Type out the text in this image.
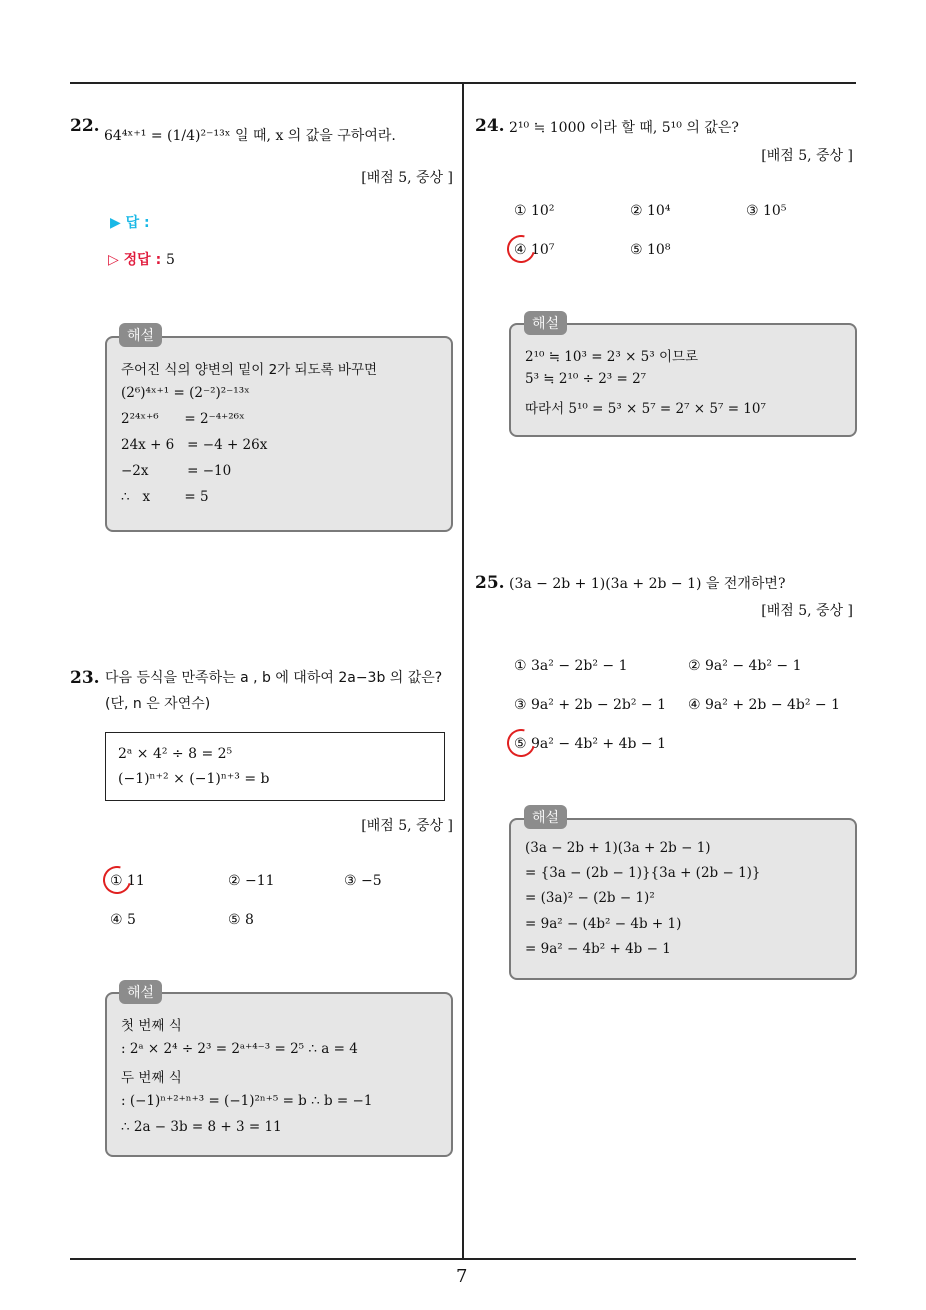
22. 64⁴ˣ⁺¹ = (1/4)²⁻¹³ˣ 일 때, x 의 값을 구하여라.
[배점 5, 중상 ]
▶ 답 :
▷ 정답 : 5
주어진 식의 양변의 밑이 2가 되도록 바꾸면
(2⁶)⁴ˣ⁺¹ = (2⁻²)²⁻¹³ˣ
2²⁴ˣ⁺⁶      = 2⁻⁴⁺²⁶ˣ
24x + 6   = −4 + 26x
−2x         = −10
∴   x        = 5
해설
23. 다음 등식을 만족하는 a , b 에 대하여 2a−3b 의 값은?
(단, n 은 자연수)
2ᵃ × 4² ÷ 8 = 2⁵
(−1)ⁿ⁺² × (−1)ⁿ⁺³ = b
[배점 5, 중상 ]
① 11	② −11	③ −5
④ 5	⑤ 8
첫 번째 식
: 2ᵃ × 2⁴ ÷ 2³ = 2ᵃ⁺⁴⁻³ = 2⁵ ∴ a = 4
두 번째 식
: (−1)ⁿ⁺²⁺ⁿ⁺³ = (−1)²ⁿ⁺⁵ = b ∴ b = −1
∴ 2a − 3b = 8 + 3 = 11
해설
24. 2¹⁰ ≒ 1000 이라 할 때, 5¹⁰ 의 값은?
[배점 5, 중상 ]
① 10²	② 10⁴	③ 10⁵
④ 10⁷	⑤ 10⁸
2¹⁰ ≒ 10³ = 2³ × 5³ 이므로
5³ ≒ 2¹⁰ ÷ 2³ = 2⁷
따라서 5¹⁰ = 5³ × 5⁷ = 2⁷ × 5⁷ = 10⁷
해설
25. (3a − 2b + 1)(3a + 2b − 1) 을 전개하면?
[배점 5, 중상 ]
① 3a² − 2b² − 1	② 9a² − 4b² − 1
③ 9a² + 2b − 2b² − 1 ④ 9a² + 2b − 4b² − 1
⑤ 9a² − 4b² + 4b − 1
(3a − 2b + 1)(3a + 2b − 1)
= {3a − (2b − 1)}{3a + (2b − 1)}
= (3a)² − (2b − 1)²
= 9a² − (4b² − 4b + 1)
= 9a² − 4b² + 4b − 1
해설
7
